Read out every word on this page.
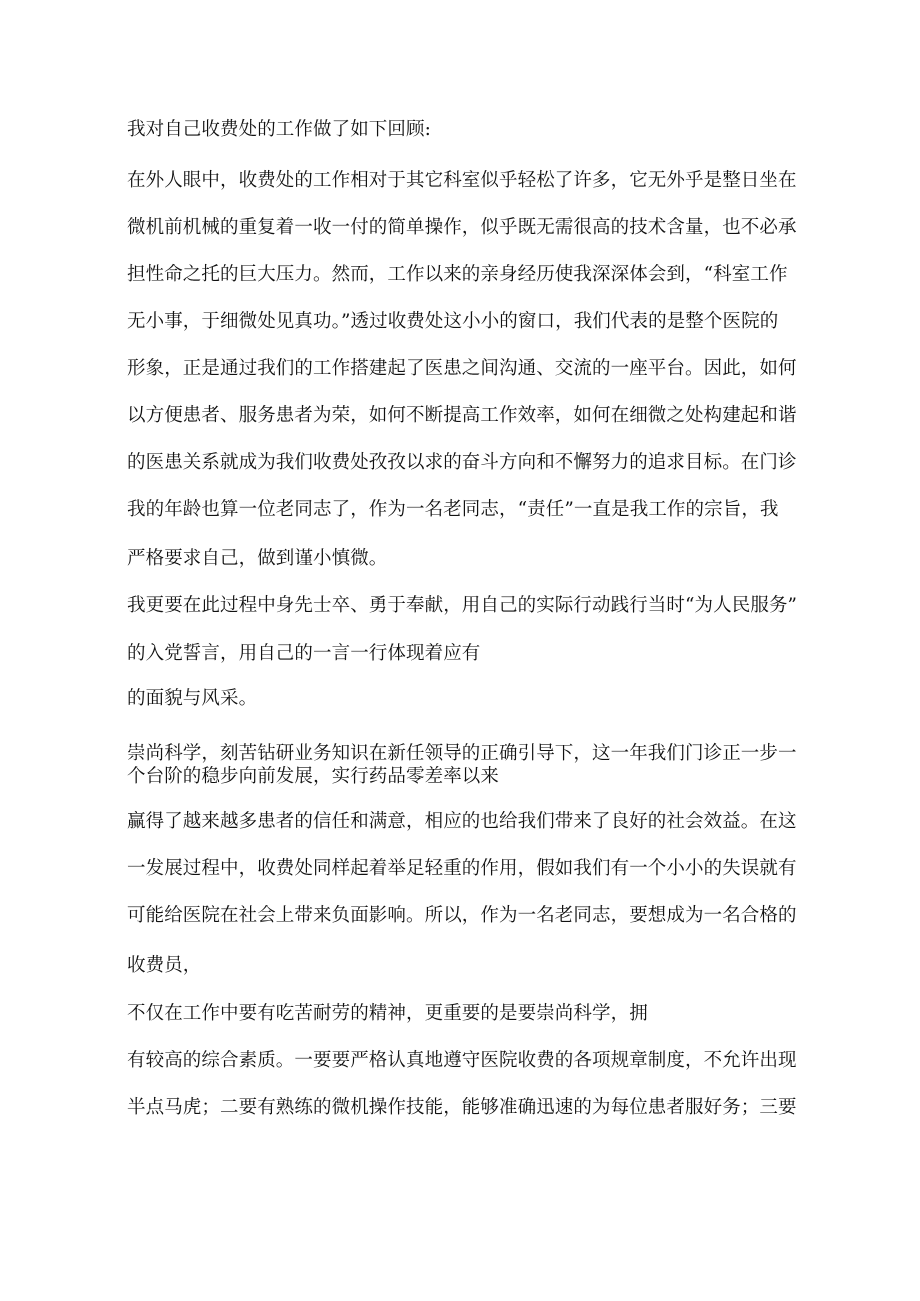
我对自己收费处的工作做了如下回顾:
在外人眼中，收费处的工作相对于其它科室似乎轻松了许多，它无外乎是整日坐在
微机前机械的重复着一收一付的简单操作，似乎既无需很高的技术含量，也不必承
担性命之托的巨大压力。然而，工作以来的亲身经历使我深深体会到，“科室工作
无小事，于细微处见真功。”透过收费处这小小的窗口，我们代表的是整个医院的
形象，正是通过我们的工作搭建起了医患之间沟通、交流的一座平台。因此，如何
以方便患者、服务患者为荣，如何不断提高工作效率，如何在细微之处构建起和谐
的医患关系就成为我们收费处孜孜以求的奋斗方向和不懈努力的追求目标。在门诊
我的年龄也算一位老同志了，作为一名老同志，“责任”一直是我工作的宗旨，我
严格要求自己，做到谨小慎微。
我更要在此过程中身先士卒、勇于奉献，用自己的实际行动践行当时“为人民服务”
的入党誓言，用自己的一言一行体现着应有
的面貌与风采。
崇尚科学，刻苦钻研业务知识在新任领导的正确引导下，这一年我们门诊正一步一
个台阶的稳步向前发展，实行药品零差率以来
赢得了越来越多患者的信任和满意，相应的也给我们带来了良好的社会效益。在这
一发展过程中，收费处同样起着举足轻重的作用，假如我们有一个小小的失误就有
可能给医院在社会上带来负面影响。所以，作为一名老同志，要想成为一名合格的
收费员，
不仅在工作中要有吃苦耐劳的精神，更重要的是要崇尚科学，拥
有较高的综合素质。一要要严格认真地遵守医院收费的各项规章制度，不允许出现
半点马虎；二要有熟练的微机操作技能，能够准确迅速的为每位患者服好务；三要
